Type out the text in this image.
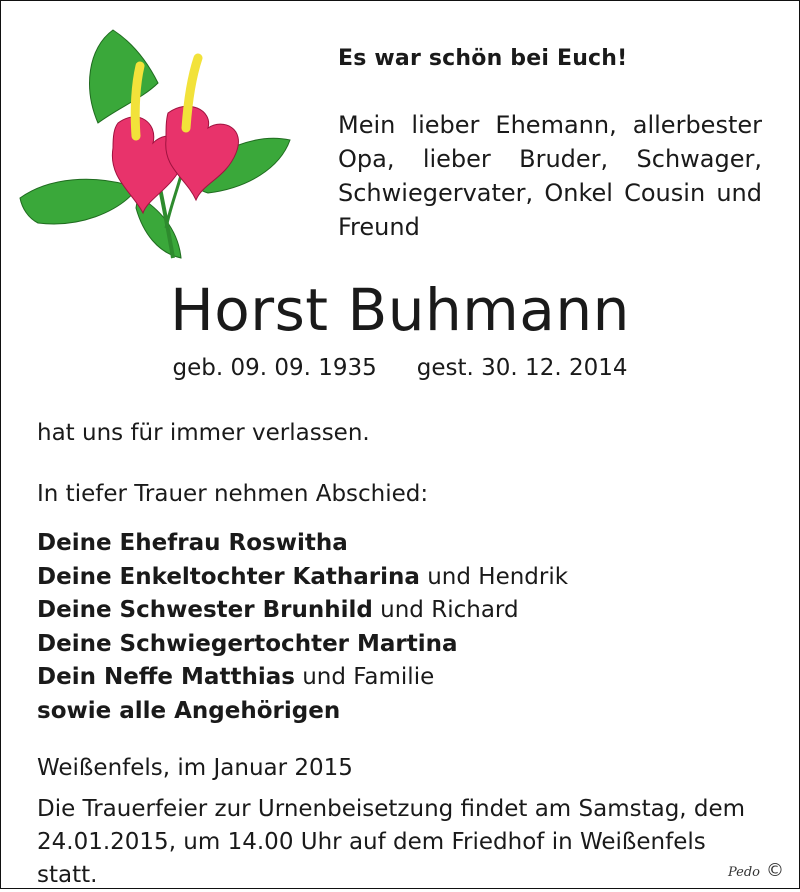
Es war schön bei Euch!

Mein lieber Ehemann, allerbester Opa, lieber Bruder, Schwager, Schwiegervater, Onkel Cousin und Freund

Horst Buhmann

geb. 09. 09. 1935 gest. 30. 12. 2014

hat uns für immer verlassen.

In tiefer Trauer nehmen Abschied:

Deine Ehefrau Roswitha
Deine Enkeltochter Katharina und Hendrik
Deine Schwester Brunhild und Richard
Deine Schwiegertochter Martina
Dein Neffe Matthias und Familie
sowie alle Angehörigen

Weißenfels, im Januar 2015

Die Trauerfeier zur Urnenbeisetzung findet am Samstag, dem 24.01.2015, um 14.00 Uhr auf dem Friedhof in Weißenfels statt.	Pedo ©
